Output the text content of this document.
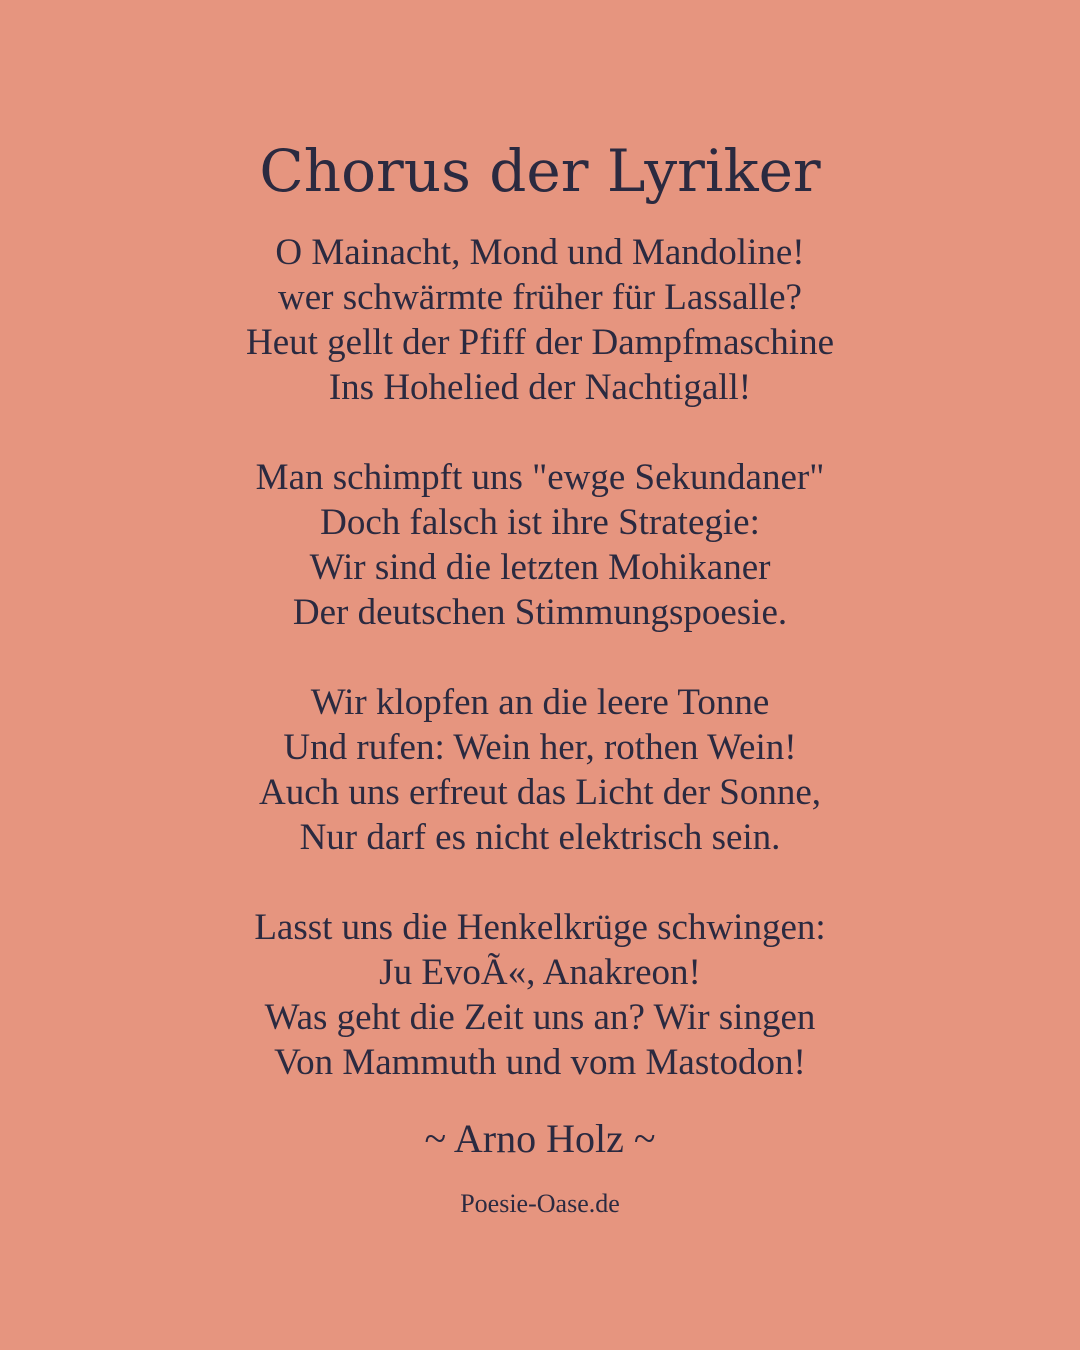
Chorus der Lyriker
O Mainacht, Mond und Mandoline!
wer schwärmte früher für Lassalle?
Heut gellt der Pfiff der Dampfmaschine
Ins Hohelied der Nachtigall!
Man schimpft uns "ewge Sekundaner"
Doch falsch ist ihre Strategie:
Wir sind die letzten Mohikaner
Der deutschen Stimmungspoesie.
Wir klopfen an die leere Tonne
Und rufen: Wein her, rothen Wein!
Auch uns erfreut das Licht der Sonne,
Nur darf es nicht elektrisch sein.
Lasst uns die Henkelkrüge schwingen:
Ju EvoÃ«, Anakreon!
Was geht die Zeit uns an? Wir singen
Von Mammuth und vom Mastodon!
~ Arno Holz ~
Poesie-Oase.de
